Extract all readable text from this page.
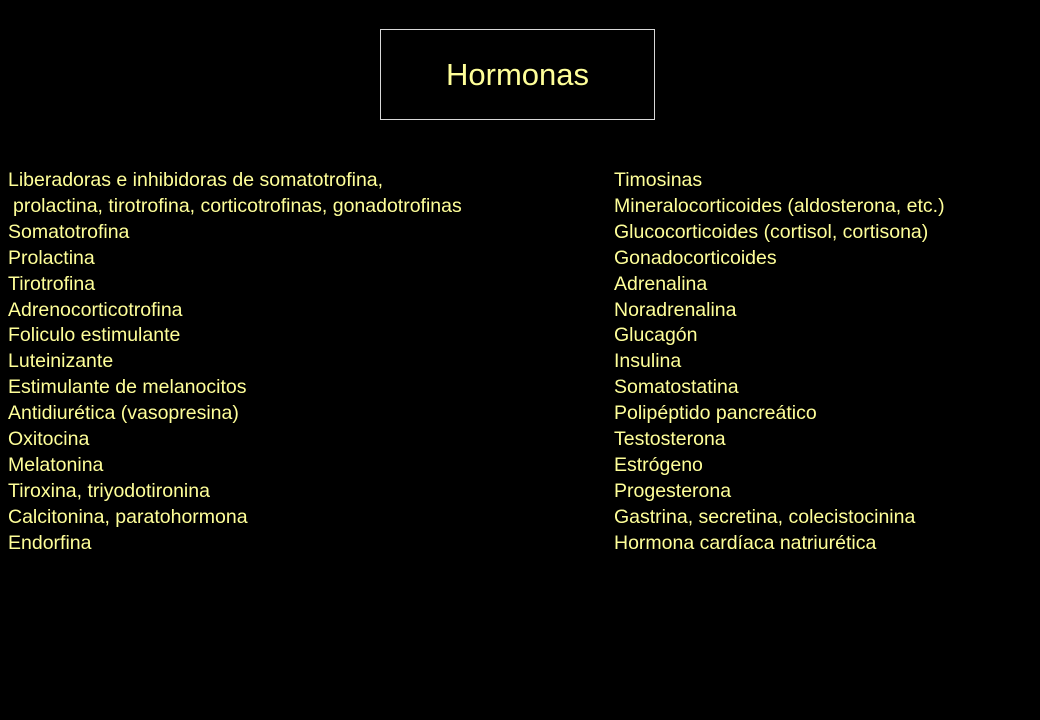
Hormonas
Liberadoras e inhibidoras de somatotrofina,
prolactina, tirotrofina, corticotrofinas, gonadotrofinas
Somatotrofina
Prolactina
Tirotrofina
Adrenocorticotrofina
Foliculo estimulante
Luteinizante
Estimulante de melanocitos
Antidiurética (vasopresina)
Oxitocina
Melatonina
Tiroxina, triyodotironina
Calcitonina, paratohormona
Endorfina
Timosinas
Mineralocorticoides (aldosterona, etc.)
Glucocorticoides (cortisol, cortisona)
Gonadocorticoides
Adrenalina
Noradrenalina
Glucagón
Insulina
Somatostatina
Polipéptido pancreático
Testosterona
Estrógeno
Progesterona
Gastrina, secretina, colecistocinina
Hormona cardíaca natriurética
